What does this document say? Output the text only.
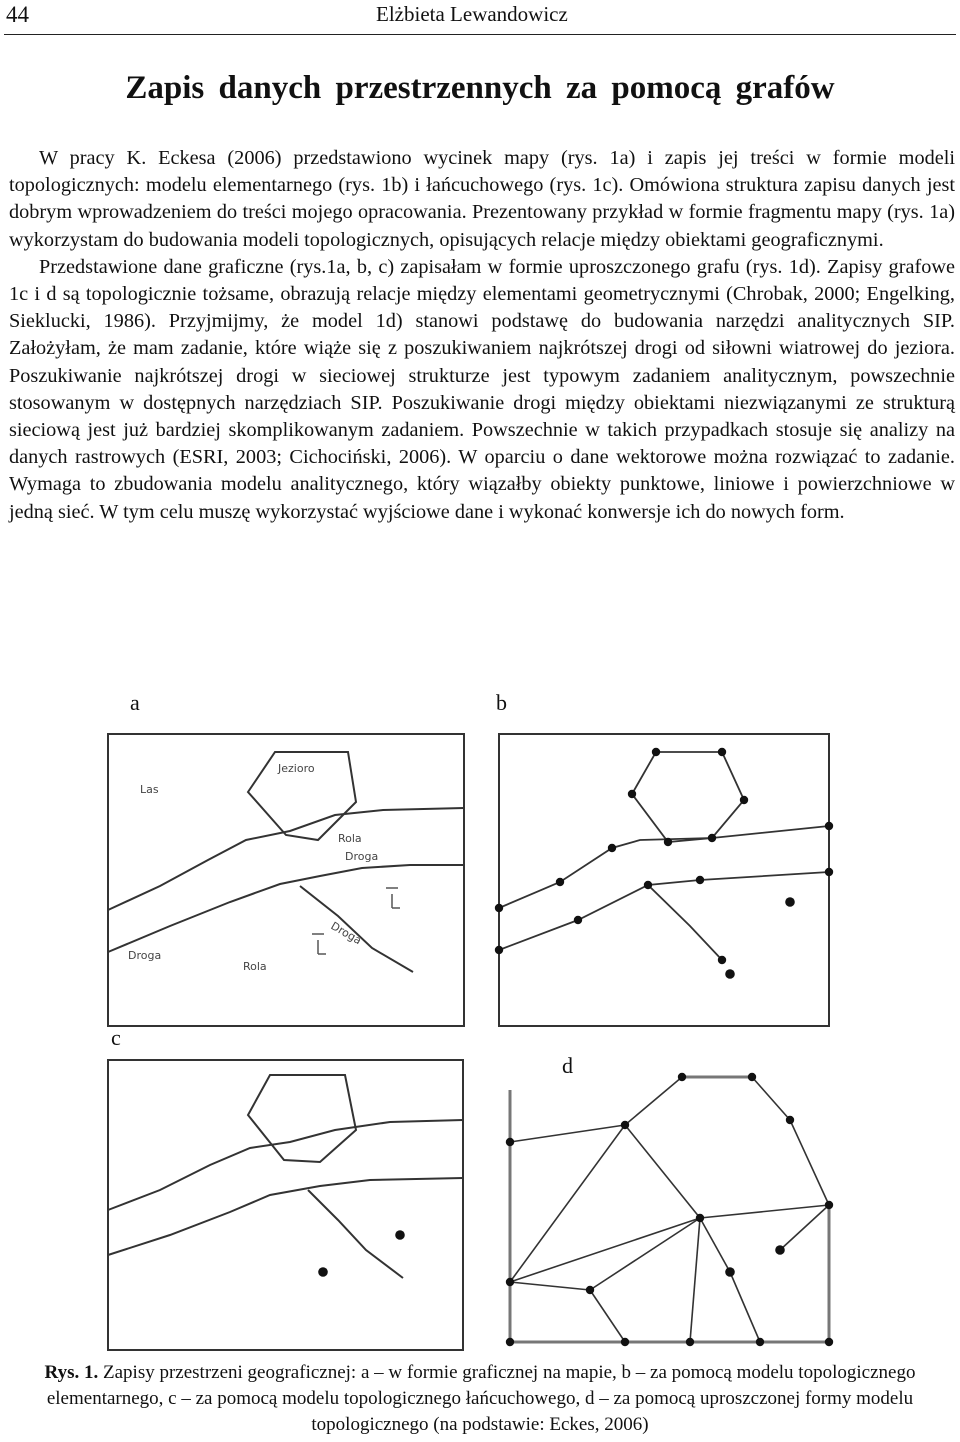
44	Elżbieta Lewandowicz
Zapis danych przestrzennych za pomocą grafów

W pracy K. Eckesa (2006) przedstawiono wycinek mapy (rys. 1a) i zapis jej treści w formie modeli topologicznych: modelu elementarnego (rys. 1b) i łańcuchowego (rys. 1c). Omówiona struktura zapisu danych jest dobrym wprowadzeniem do treści mojego opracowania. Prezentowany przykład w formie fragmentu mapy (rys. 1a) wykorzystam do budowania modeli topologicznych, opisujących relacje między obiektami geograficznymi.

Przedstawione dane graficzne (rys.1a, b, c) zapisałam w formie uproszczonego grafu (rys. 1d). Zapisy grafowe 1c i d są topologicznie tożsame, obrazują relacje między elementami geometrycznymi (Chrobak, 2000; Engelking, Sieklucki, 1986). Przyjmijmy, że model 1d) stanowi podstawę do budowania narzędzi analitycznych SIP. Założyłam, że mam zadanie, które wiąże się z poszukiwaniem najkrótszej drogi od siłowni wiatrowej do jeziora. Poszukiwanie najkrótszej drogi w sieciowej strukturze jest typowym zadaniem analitycznym, powszechnie stosowanym w dostępnych narzędziach SIP. Poszukiwanie drogi między obiektami niezwiązanymi ze strukturą sieciową jest już bardziej skomplikowanym zadaniem. Powszechnie w takich przypadkach stosuje się analizy na danych rastrowych (ESRI, 2003; Cichociński, 2006). W oparciu o dane wektorowe można rozwiązać to zadanie. Wymaga to zbudowania modelu analitycznego, który wiązałby obiekty punktowe, liniowe i powierzchniowe w jedną sieć. W tym celu muszę wykorzystać wyjściowe dane i wykonać konwersje ich do nowych form.

a	b
c
d
Las
Jezioro
Rola
Droga
Droga
Droga
Rola
Rys. 1. Zapisy przestrzeni geograficznej: a – w formie graficznej na mapie, b – za pomocą modelu topologicznego elementarnego, c – za pomocą modelu topologicznego łańcuchowego, d – za pomocą uproszczonej formy modelu topologicznego (na podstawie: Eckes, 2006)
